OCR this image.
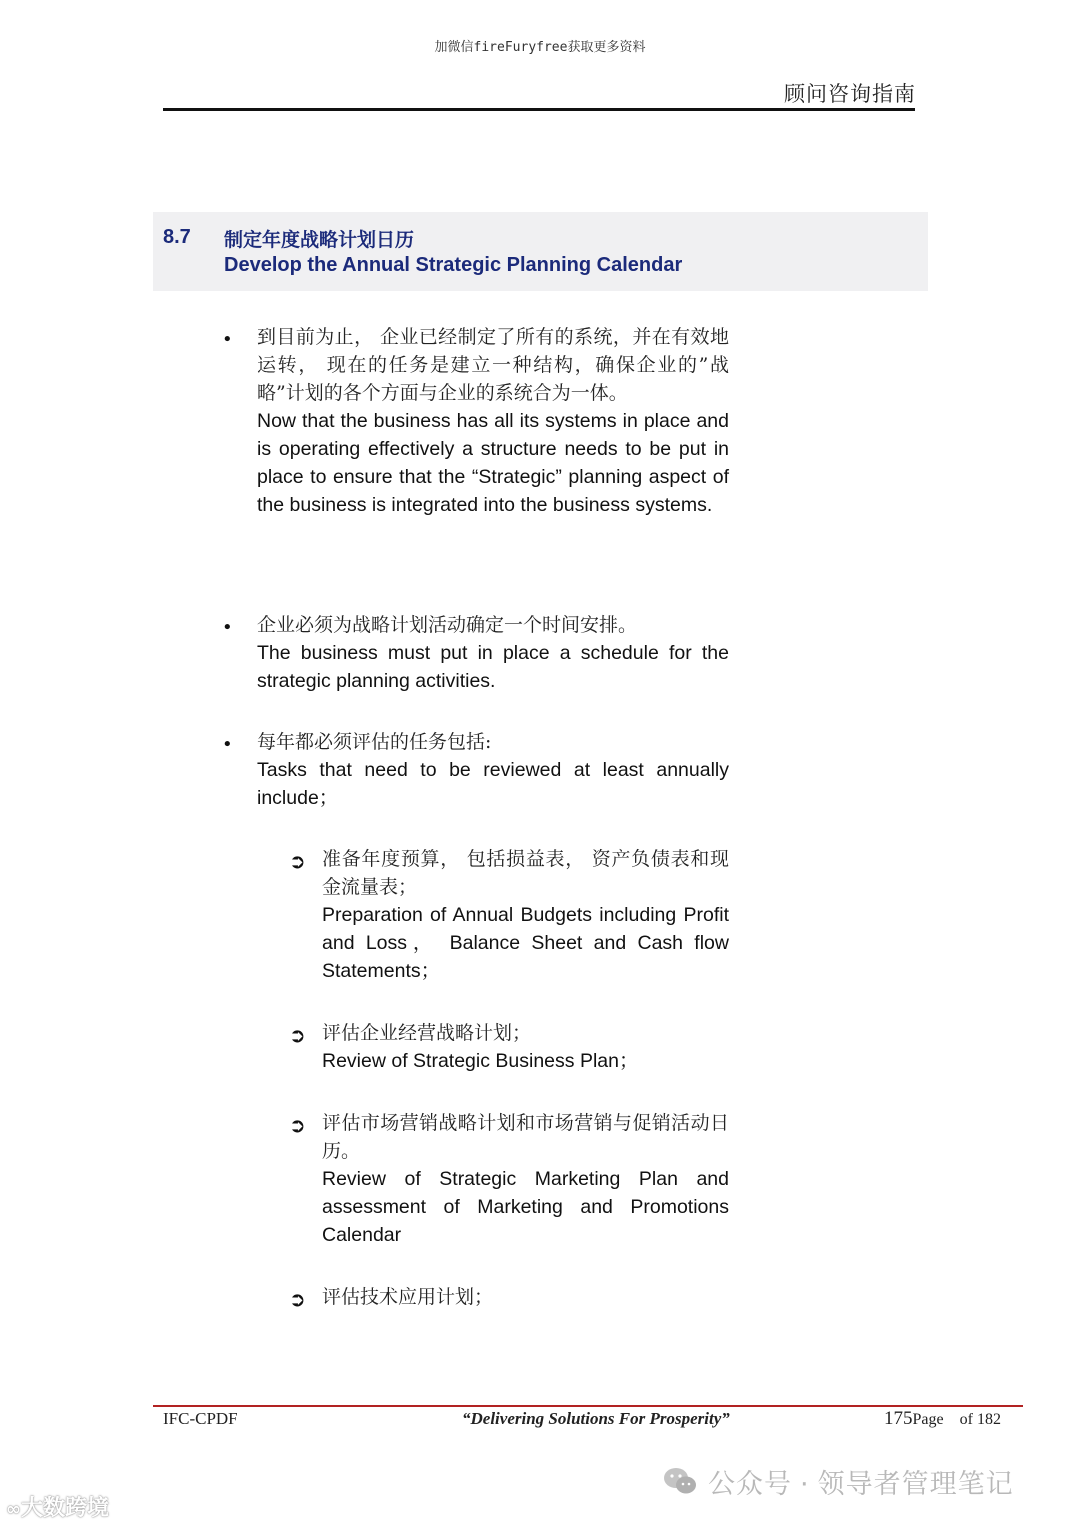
加微信fireFuryfree获取更多资料
顾问咨询指南
8.7 制定年度战略计划日历
Develop the Annual Strategic Planning Calendar
• 到目前为止， 企业已经制定了所有的系统，并在有效地运转， 现在的任务是建立一种结构，确保企业的”战略”计划的各个方面与企业的系统合为一体。
Now that the business has all its systems in place and is operating effectively a structure needs to be put in place to ensure that the “Strategic” planning aspect of the business is integrated into the business systems.
• 企业必须为战略计划活动确定一个时间安排。
The business must put in place a schedule for the strategic planning activities.
• 每年都必须评估的任务包括:
Tasks that need to be reviewed at least annually include；
➲ 准备年度预算， 包括损益表， 资产负债表和现金流量表；
Preparation of Annual Budgets including Profit and Loss， Balance Sheet and Cash flow Statements；
➲ 评估企业经营战略计划；
Review of Strategic Business Plan；
➲ 评估市场营销战略计划和市场营销与促销活动日历。
Review of Strategic Marketing Plan and assessment of Marketing and Promotions Calendar
➲ 评估技术应用计划；
IFC-CPDF	“Delivering Solutions For Prosperity”	175Page of 182
公众号 · 领导者管理笔记
∞大数跨境
